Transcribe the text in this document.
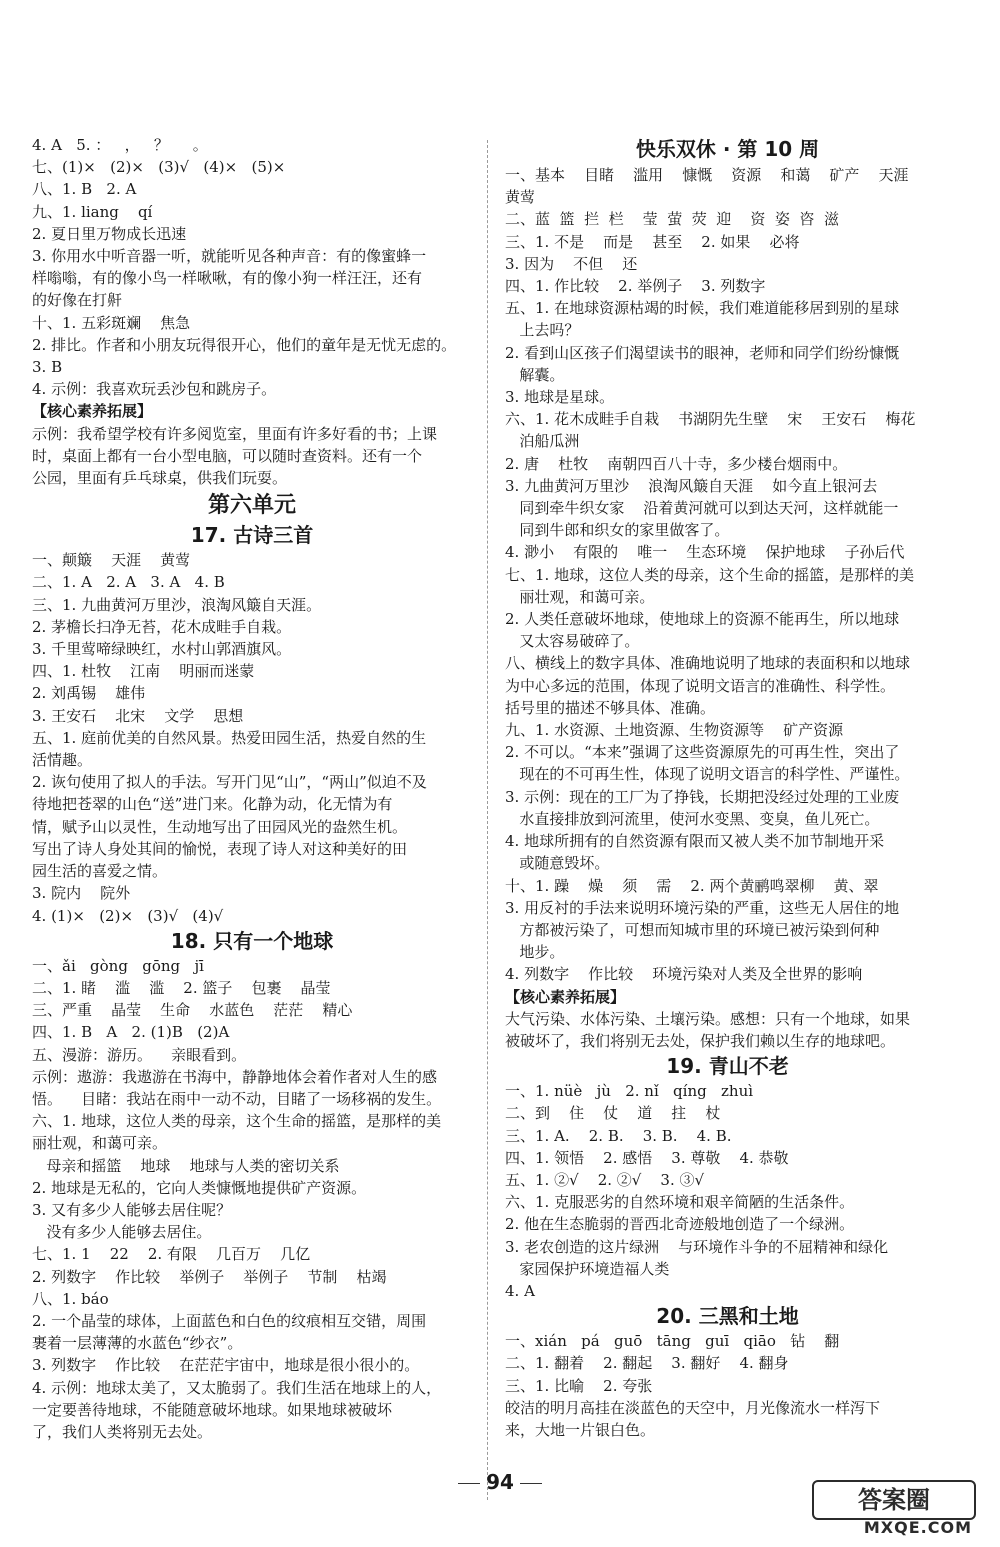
4. A   5. ：   ，   ？     。
七、(1)×   (2)×   (3)√   (4)×   (5)×
八、1. B   2. A
九、1. liang    qí
2. 夏日里万物成长迅速
3. 你用水中听音器一听，就能听见各种声音：有的像蜜蜂一
样嗡嗡，有的像小鸟一样啾啾，有的像小狗一样汪汪，还有
的好像在打鼾
十、1. 五彩斑斓    焦急
2. 排比。作者和小朋友玩得很开心，他们的童年是无忧无虑的。
3. B
4. 示例：我喜欢玩丢沙包和跳房子。
【核心素养拓展】
示例：我希望学校有许多阅览室，里面有许多好看的书；上课
时，桌面上都有一台小型电脑，可以随时查资料。还有一个
公园，里面有乒乓球桌，供我们玩耍。
第六单元
17. 古诗三首
一、颠簸    天涯    黄莺
二、1. A   2. A   3. A   4. B
三、1. 九曲黄河万里沙，浪淘风簸自天涯。
2. 茅檐长扫净无苔，花木成畦手自栽。
3. 千里莺啼绿映红，水村山郭酒旗风。
四、1. 杜牧    江南    明丽而迷蒙
2. 刘禹锡    雄伟
3. 王安石    北宋    文学    思想
五、1. 庭前优美的自然风景。热爱田园生活，热爱自然的生
活情趣。
2. 诙句使用了拟人的手法。写开门见“山”，“两山”似迫不及
待地把苍翠的山色“送”进门来。化静为动，化无情为有
情，赋予山以灵性，生动地写出了田园风光的盎然生机。
写出了诗人身处其间的愉悦，表现了诗人对这种美好的田
园生活的喜爱之情。
3. 院内    院外
4. (1)×   (2)×   (3)√   (4)√
18. 只有一个地球
一、ǎi   gòng   gōng   jī
二、1. 睹    滥    滥    2. 篮子    包裹    晶莹
三、严重    晶莹    生命    水蓝色    茫茫    精心
四、1. B   A   2. (1)B   (2)A
五、漫游：游历。    亲眼看到。
示例：遨游：我遨游在书海中，静静地体会着作者对人生的感
悟。    目睹：我站在雨中一动不动，目睹了一场移祸的发生。
六、1. 地球，这位人类的母亲，这个生命的摇篮，是那样的美
丽壮观，和蔼可亲。
母亲和摇篮    地球    地球与人类的密切关系
2. 地球是无私的，它向人类慷慨地提供矿产资源。
3. 又有多少人能够去居住呢？
没有多少人能够去居住。
七、1. 1    22    2. 有限    几百万    几亿
2. 列数字    作比较    举例子    举例子    节制    枯竭
八、1. báo
2. 一个晶莹的球体，上面蓝色和白色的纹痕相互交错，周围
裹着一层薄薄的水蓝色“纱衣”。
3. 列数字    作比较    在茫茫宇宙中，地球是很小很小的。
4. 示例：地球太美了，又太脆弱了。我们生活在地球上的人，
一定要善待地球，不能随意破坏地球。如果地球被破坏
了，我们人类将别无去处。
快乐双休 · 第 10 周
一、基本    目睹    滥用    慷慨    资源    和蔼    矿产    天涯
黄莺
二、蓝  篮  拦  栏    莹  萤  荧  迎    资  姿  咨  滋
三、1. 不是    而是    甚至    2. 如果    必将
3. 因为    不但    还
四、1. 作比较    2. 举例子    3. 列数字
五、1. 在地球资源枯竭的时候，我们难道能移居到别的星球
上去吗？
2. 看到山区孩子们渴望读书的眼神，老师和同学们纷纷慷慨
解囊。
3. 地球是星球。
六、1. 花木成畦手自栽    书湖阴先生壁    宋    王安石    梅花
泊船瓜洲
2. 唐    杜牧    南朝四百八十寺，多少楼台烟雨中。
3. 九曲黄河万里沙    浪淘风簸自天涯    如今直上银河去
同到牵牛织女家    沿着黄河就可以到达天河，这样就能一
同到牛郎和织女的家里做客了。
4. 渺小    有限的    唯一    生态环境    保护地球    子孙后代
七、1. 地球，这位人类的母亲，这个生命的摇篮，是那样的美
丽壮观，和蔼可亲。
2. 人类任意破坏地球，使地球上的资源不能再生，所以地球
又太容易破碎了。
八、横线上的数字具体、准确地说明了地球的表面积和以地球
为中心多远的范围，体现了说明文语言的准确性、科学性。
括号里的描述不够具体、准确。
九、1. 水资源、土地资源、生物资源等    矿产资源
2. 不可以。“本来”强调了这些资源原先的可再生性，突出了
现在的不可再生性，体现了说明文语言的科学性、严谨性。
3. 示例：现在的工厂为了挣钱，长期把没经过处理的工业废
水直接排放到河流里，使河水变黑、变臭，鱼儿死亡。
4. 地球所拥有的自然资源有限而又被人类不加节制地开采
或随意毁坏。
十、1. 躁    燥    须    需    2. 两个黄鹂鸣翠柳    黄、翠
3. 用反衬的手法来说明环境污染的严重，这些无人居住的地
方都被污染了，可想而知城市里的环境已被污染到何种
地步。
4. 列数字    作比较    环境污染对人类及全世界的影响
【核心素养拓展】
大气污染、水体污染、土壤污染。感想：只有一个地球，如果
被破坏了，我们将别无去处，保护我们赖以生存的地球吧。
19. 青山不老
一、1. nüè   jù   2. nǐ   qíng   zhuì
二、到    住    仗    道    拄    杖
三、1. A.    2. B.    3. B.    4. B.
四、1. 领悟    2. 感悟    3. 尊敬    4. 恭敬
五、1. ②√    2. ②√    3. ③√
六、1. 克服恶劣的自然环境和艰辛简陋的生活条件。
2. 他在生态脆弱的晋西北奇迹般地创造了一个绿洲。
3. 老农创造的这片绿洲    与环境作斗争的不屈精神和绿化
家园保护环境造福人类
4. A
20. 三黑和土地
一、xián   pá   guō   tāng   guī   qiāo   钻    翻
二、1. 翻着    2. 翻起    3. 翻好    4. 翻身
三、1. 比喻    2. 夸张
皎洁的明月高挂在淡蓝色的天空中，月光像流水一样泻下
来，大地一片银白色。
94
答案圈
MXQE.COM
